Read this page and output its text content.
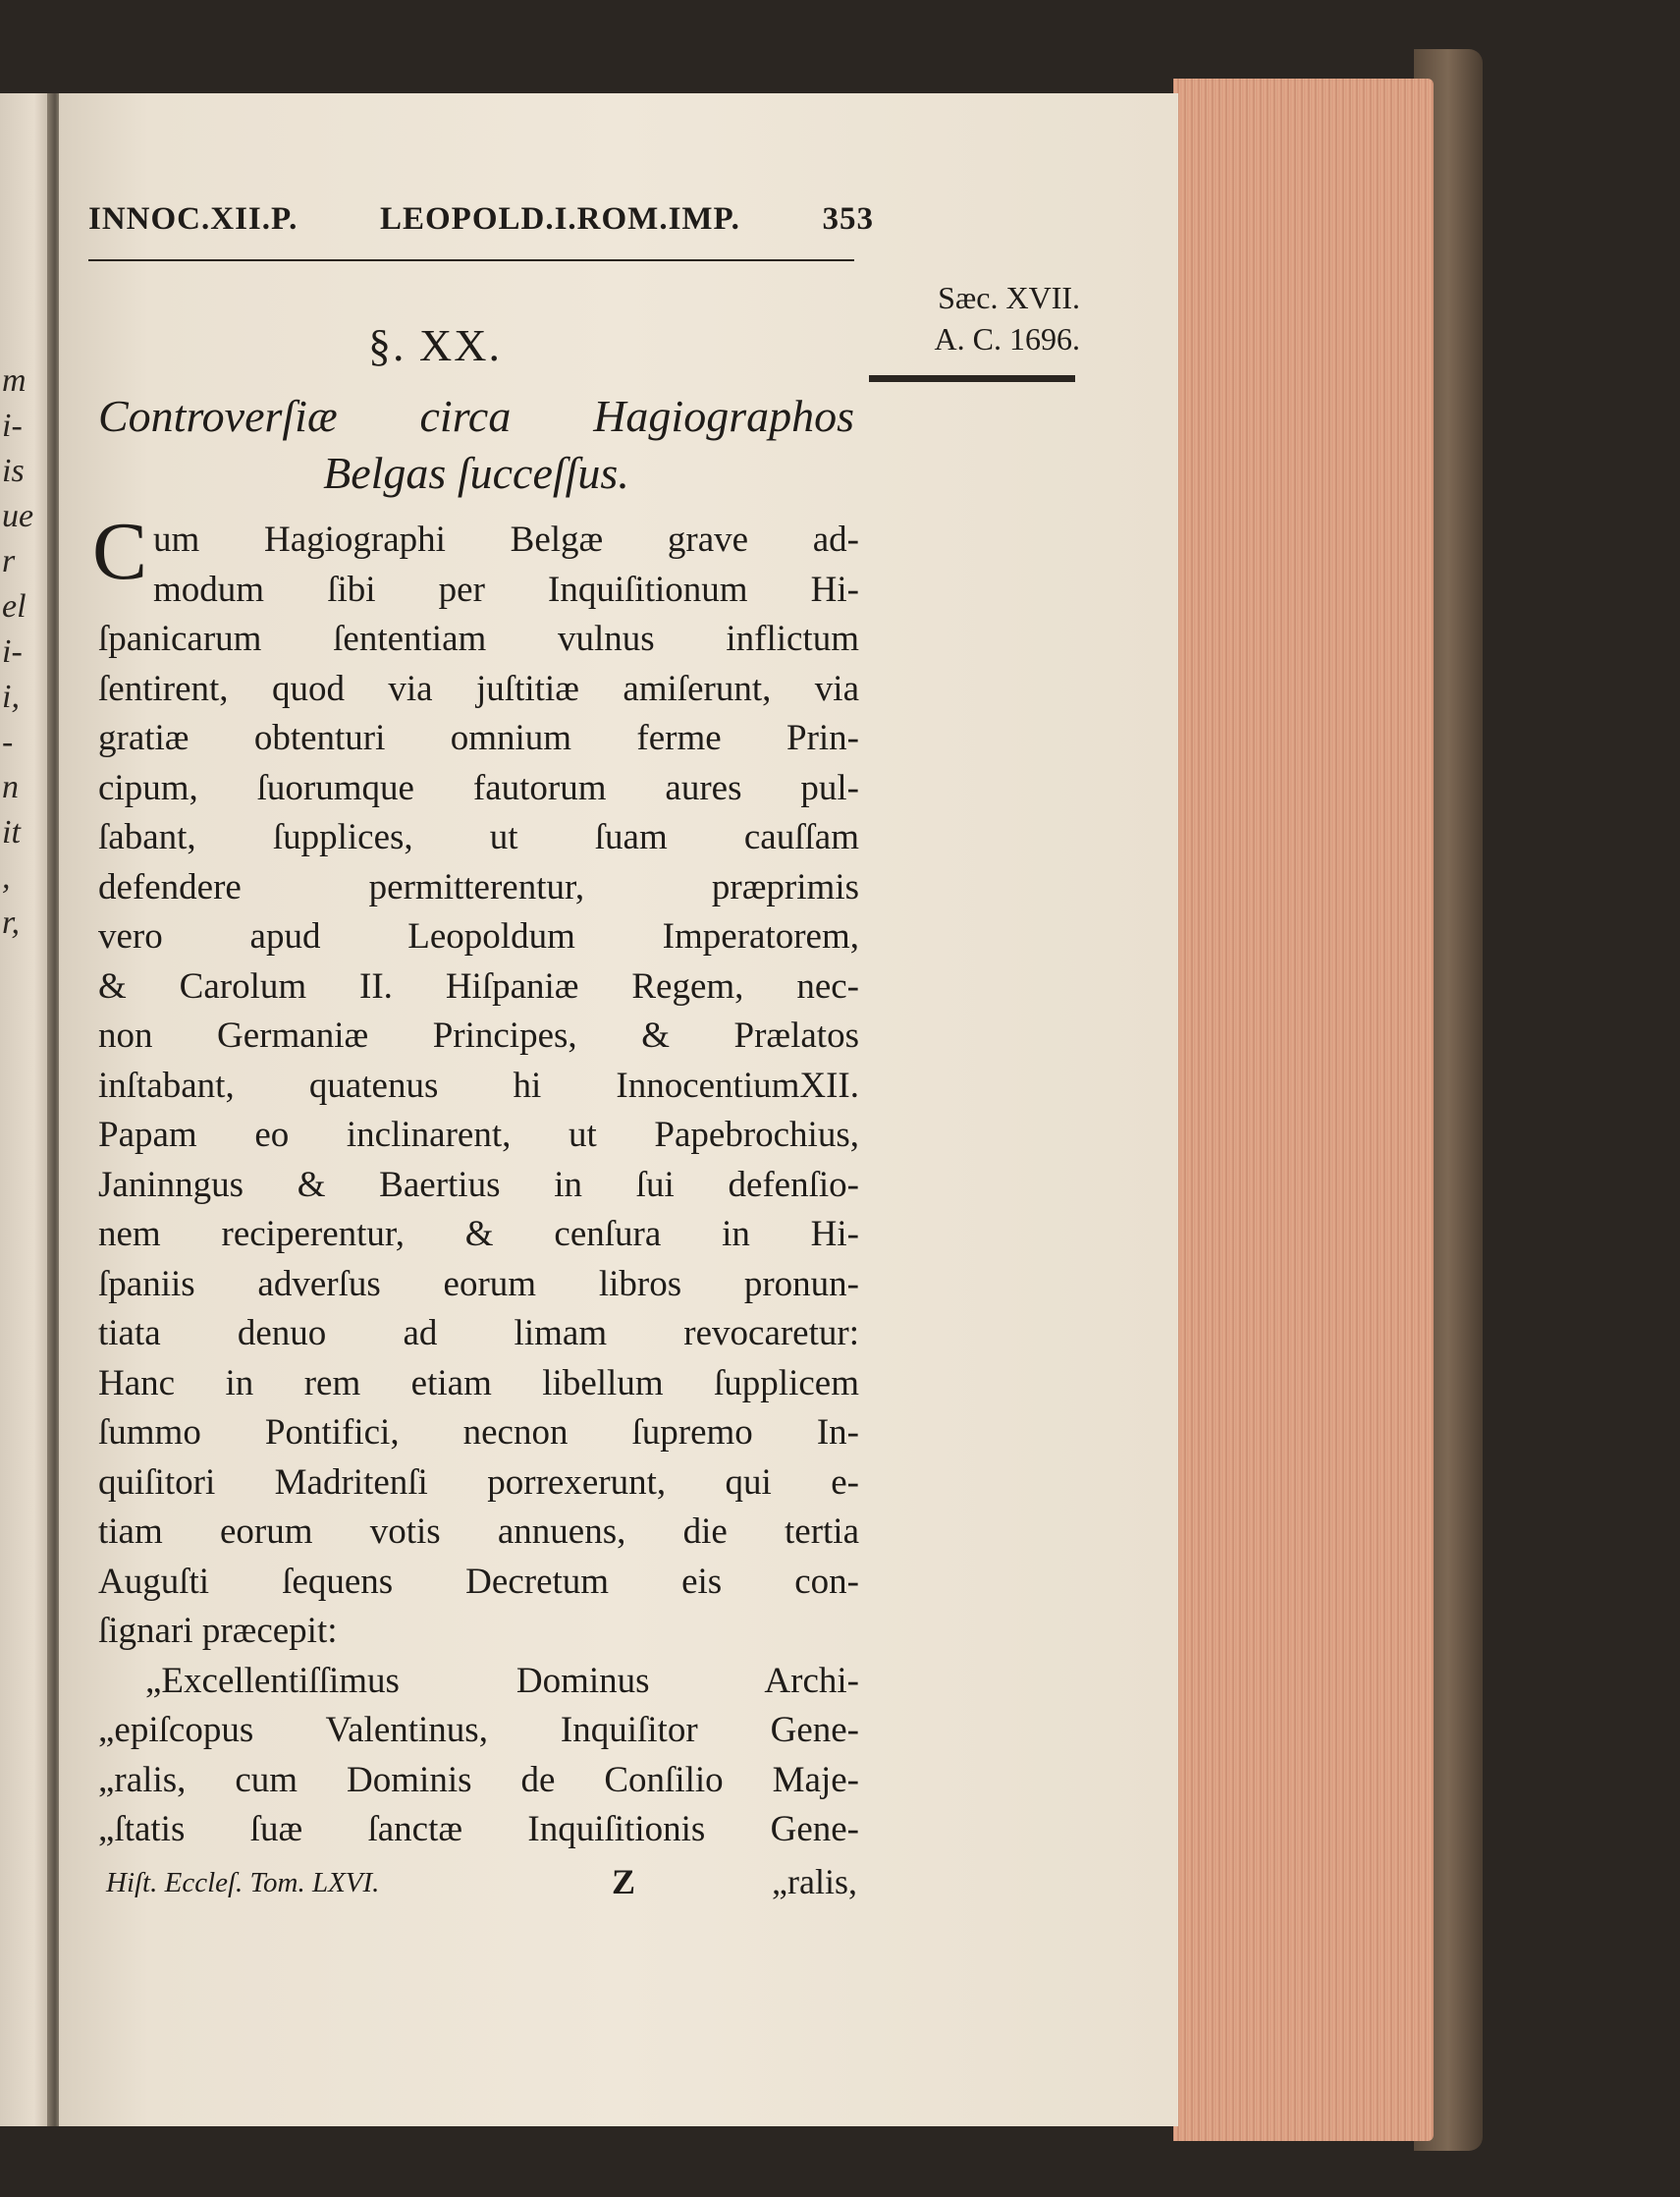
m
i-
is
ue
r
el
i-
i,
-
n
it
,
r,
INNOC.XII.P.	LEOPOLD.I.ROM.IMP.	353
Sæc. XVII.
A. C. 1696.
§. XX.
Controverſiæ circa Hagiographos
Belgas ſucceſſus.
C um Hagiographi Belgæ grave ad-
modum ſibi per Inquiſitionum Hi-
ſpanicarum ſententiam vulnus inflictum
ſentirent, quod via juſtitiæ amiſerunt, via
gratiæ obtenturi omnium ferme Prin-
cipum, ſuorumque fautorum aures pul-
ſabant, ſupplices, ut ſuam cauſſam
defendere permitterentur, præprimis
vero apud Leopoldum Imperatorem,
& Carolum II. Hiſpaniæ Regem, nec-
non Germaniæ Principes, & Prælatos
inſtabant, quatenus hi InnocentiumXII.
Papam eo inclinarent, ut Papebrochius,
Janinngus & Baertius in ſui defenſio-
nem reciperentur, & cenſura in Hi-
ſpaniis adverſus eorum libros pronun-
tiata denuo ad limam revocaretur:
Hanc in rem etiam libellum ſupplicem
ſummo Pontifici, necnon ſupremo In-
quiſitori Madritenſi porrexerunt, qui e-
tiam eorum votis annuens, die tertia
Auguſti ſequens Decretum eis con-
ſignari præcepit:
„Excellentiſſimus Dominus Archi-
„epiſcopus Valentinus, Inquiſitor Gene-
„ralis, cum Dominis de Conſilio Maje-
„ſtatis ſuæ ſanctæ Inquiſitionis Gene-
Hiſt. Eccleſ. Tom. LXVI.	Z	„ralis,
